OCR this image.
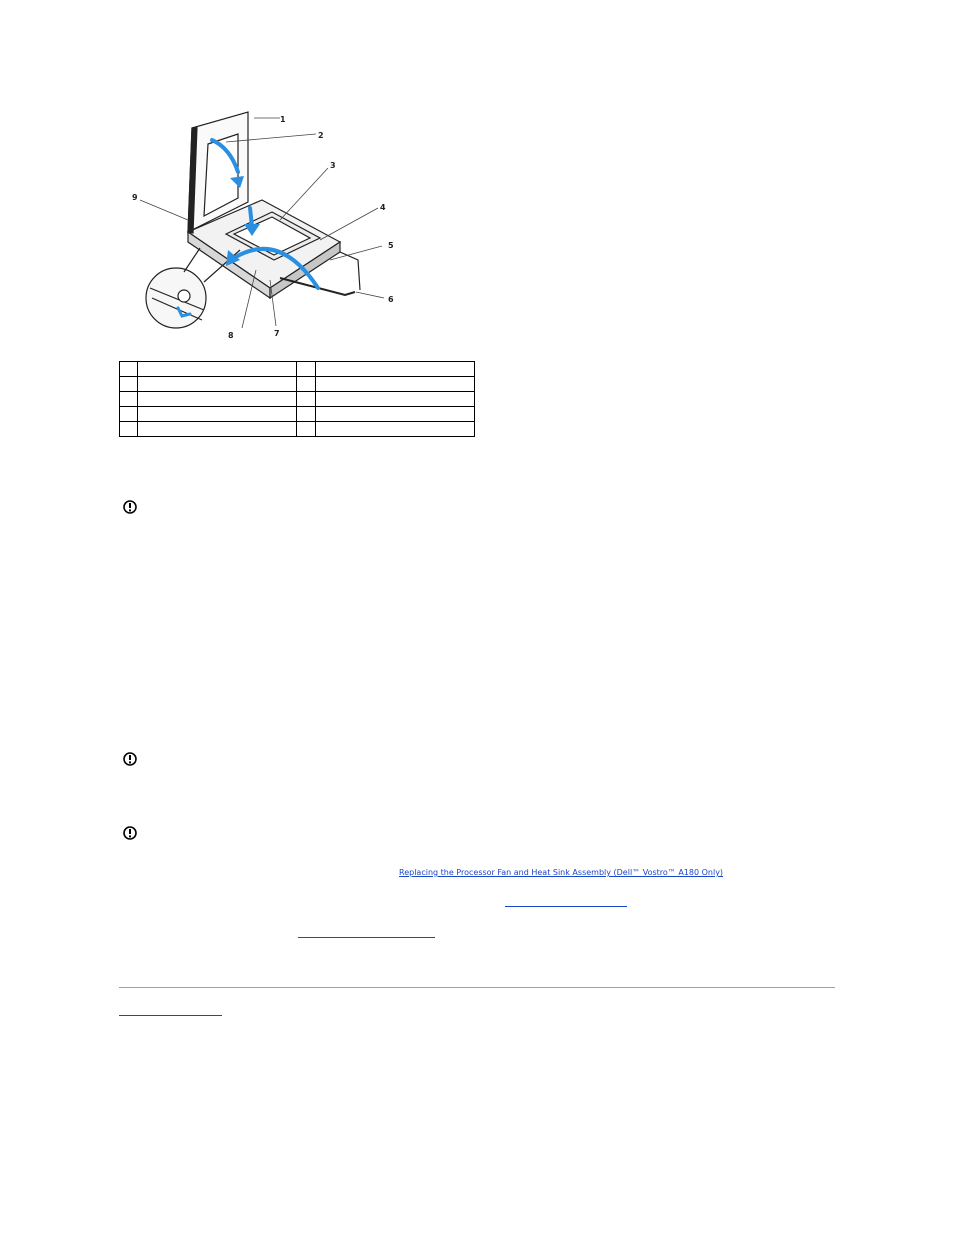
1
2
3
4
5
6
7
8
9

Replacing the Processor Fan and Heat Sink Assembly (Dell™ Vostro™ A180 Only)
